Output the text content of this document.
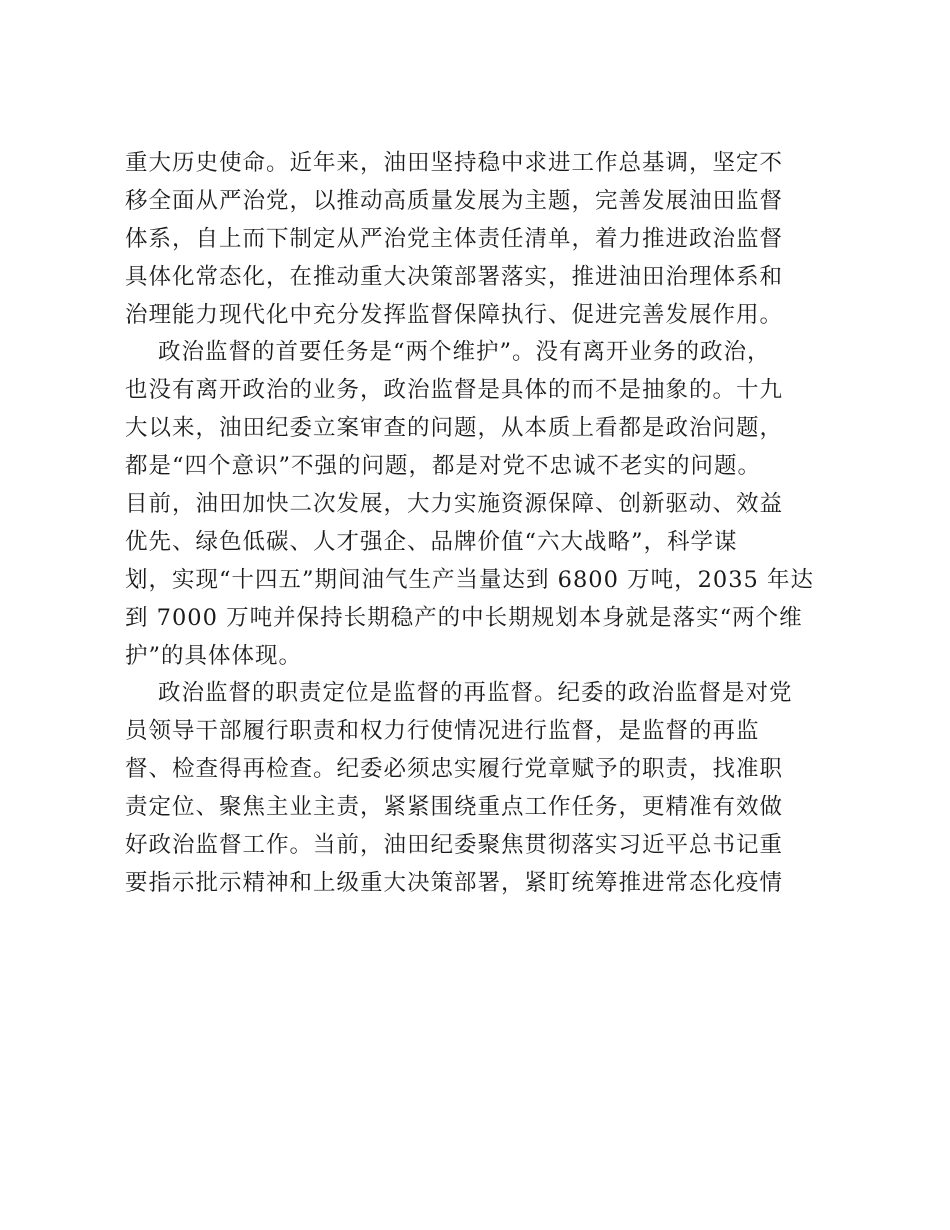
重大历史使命。近年来，油田坚持稳中求进工作总基调，坚定不
移全面从严治党，以推动高质量发展为主题，完善发展油田监督
体系，自上而下制定从严治党主体责任清单，着力推进政治监督
具体化常态化，在推动重大决策部署落实，推进油田治理体系和
治理能力现代化中充分发挥监督保障执行、促进完善发展作用。
政治监督的首要任务是“两个维护”。没有离开业务的政治，
也没有离开政治的业务，政治监督是具体的而不是抽象的。十九
大以来，油田纪委立案审查的问题，从本质上看都是政治问题，
都是“四个意识”不强的问题，都是对党不忠诚不老实的问题。
目前，油田加快二次发展，大力实施资源保障、创新驱动、效益
优先、绿色低碳、人才强企、品牌价值“六大战略”，科学谋
划，实现“十四五”期间油气生产当量达到 6800 万吨，2035 年达
到 7000 万吨并保持长期稳产的中长期规划本身就是落实“两个维
护”的具体体现。
政治监督的职责定位是监督的再监督。纪委的政治监督是对党
员领导干部履行职责和权力行使情况进行监督，是监督的再监
督、检查得再检查。纪委必须忠实履行党章赋予的职责，找准职
责定位、聚焦主业主责，紧紧围绕重点工作任务，更精准有效做
好政治监督工作。当前，油田纪委聚焦贯彻落实习近平总书记重
要指示批示精神和上级重大决策部署，紧盯统筹推进常态化疫情
